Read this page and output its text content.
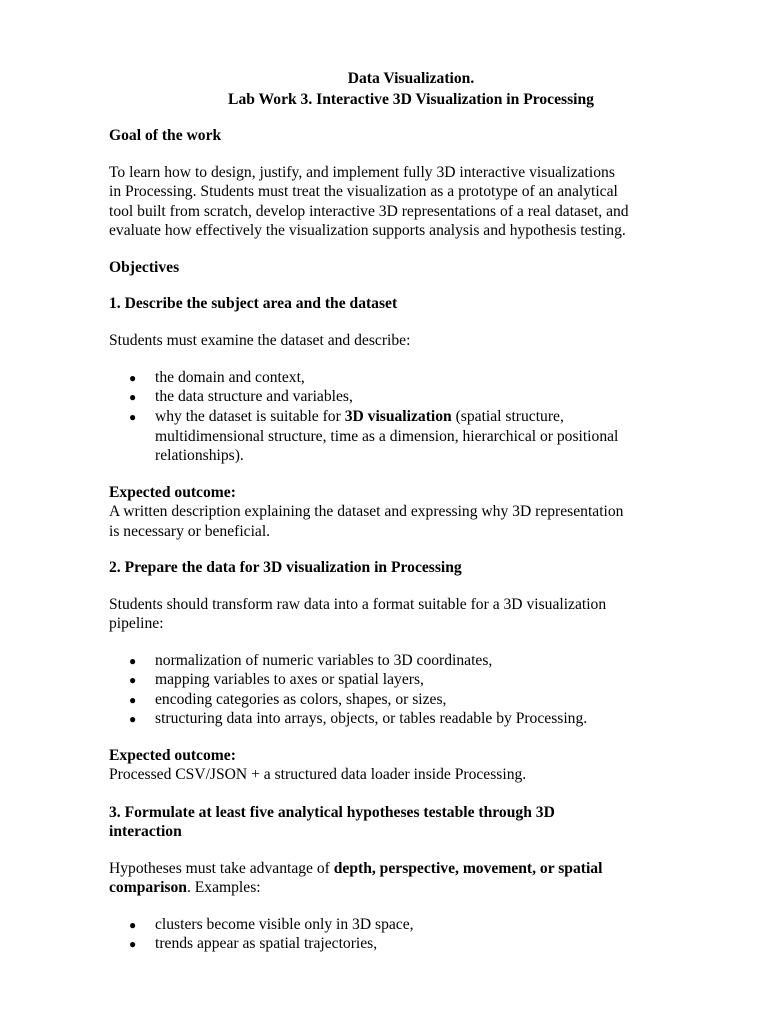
Data Visualization.
Lab Work 3. Interactive 3D Visualization in Processing
Goal of the work
To learn how to design, justify, and implement fully 3D interactive visualizations
in Processing. Students must treat the visualization as a prototype of an analytical
tool built from scratch, develop interactive 3D representations of a real dataset, and
evaluate how effectively the visualization supports analysis and hypothesis testing.
Objectives
1. Describe the subject area and the dataset
Students must examine the dataset and describe:
● the domain and context,
● the data structure and variables,
● why the dataset is suitable for 3D visualization (spatial structure,
multidimensional structure, time as a dimension, hierarchical or positional
relationships).
Expected outcome:
A written description explaining the dataset and expressing why 3D representation
is necessary or beneficial.
2. Prepare the data for 3D visualization in Processing
Students should transform raw data into a format suitable for a 3D visualization
pipeline:
● normalization of numeric variables to 3D coordinates,
● mapping variables to axes or spatial layers,
● encoding categories as colors, shapes, or sizes,
● structuring data into arrays, objects, or tables readable by Processing.
Expected outcome:
Processed CSV/JSON + a structured data loader inside Processing.
3. Formulate at least five analytical hypotheses testable through 3D
interaction
Hypotheses must take advantage of depth, perspective, movement, or spatial
comparison. Examples:
● clusters become visible only in 3D space,
● trends appear as spatial trajectories,
